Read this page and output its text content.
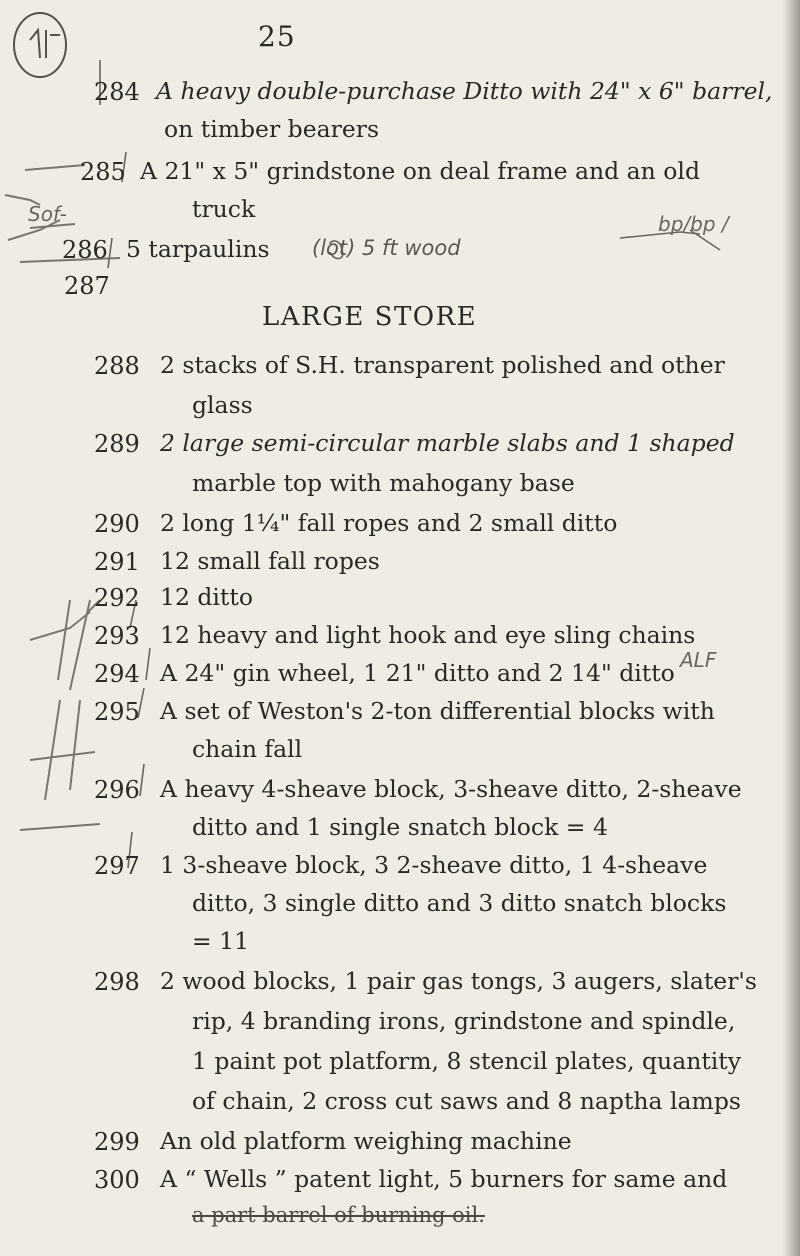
25
Sof-	bp/bp /
ALF
284 A heavy double-purchase Ditto with 24" x 6" barrel,
on timber bearers
285 A 21" x 5" grindstone on deal frame and an old
truck
286 5 tarpaulins (lot) 5 ft wood
287
LARGE STORE
288 2 stacks of S.H. transparent polished and other
glass
289 2 large semi-circular marble slabs and 1 shaped
marble top with mahogany base
290 2 long 1¼" fall ropes and 2 small ditto
291 12 small fall ropes
292 12 ditto
293 12 heavy and light hook and eye sling chains
294 A 24" gin wheel, 1 21" ditto and 2 14" ditto
295 A set of Weston's 2-ton differential blocks with
chain fall
296 A heavy 4-sheave block, 3-sheave ditto, 2-sheave
ditto and 1 single snatch block = 4
297 1 3-sheave block, 3 2-sheave ditto, 1 4-sheave
ditto, 3 single ditto and 3 ditto snatch blocks
= 11
298 2 wood blocks, 1 pair gas tongs, 3 augers, slater's
rip, 4 branding irons, grindstone and spindle,
1 paint pot platform, 8 stencil plates, quantity
of chain, 2 cross cut saws and 8 naptha lamps
299 An old platform weighing machine
300 A “ Wells ” patent light, 5 burners for same and
a part barrel of burning oil.
